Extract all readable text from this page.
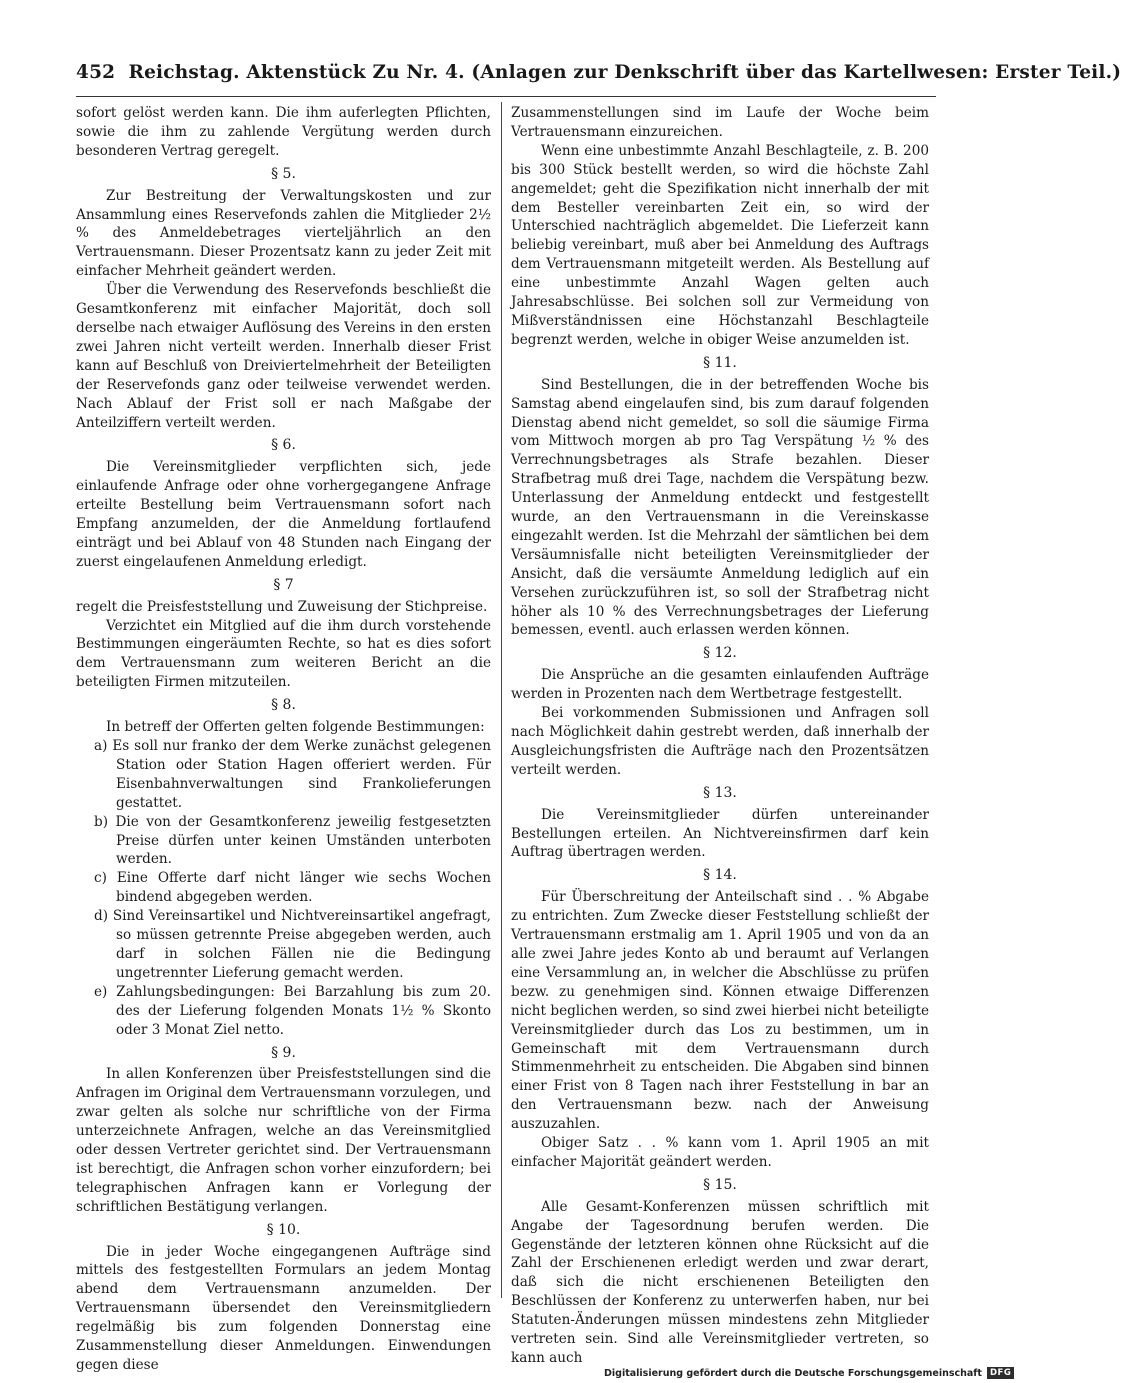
452 Reichstag. Aktenstück Zu Nr. 4. (Anlagen zur Denkschrift über das Kartellwesen: Erster Teil.)

sofort gelöst werden kann. Die ihm auferlegten Pflichten, sowie die ihm zu zahlende Vergütung werden durch besonderen Vertrag geregelt.

§ 5.

Zur Bestreitung der Verwaltungskosten und zur Ansammlung eines Reservefonds zahlen die Mitglieder 2½ % des Anmeldebetrages vierteljährlich an den Vertrauensmann. Dieser Prozentsatz kann zu jeder Zeit mit einfacher Mehrheit geändert werden.

Über die Verwendung des Reservefonds beschließt die Gesamtkonferenz mit einfacher Majorität, doch soll derselbe nach etwaiger Auflösung des Vereins in den ersten zwei Jahren nicht verteilt werden. Innerhalb dieser Frist kann auf Beschluß von Dreiviertelmehrheit der Beteiligten der Reservefonds ganz oder teilweise verwendet werden. Nach Ablauf der Frist soll er nach Maßgabe der Anteilziffern verteilt werden.

§ 6.

Die Vereinsmitglieder verpflichten sich, jede einlaufende Anfrage oder ohne vorhergegangene Anfrage erteilte Bestellung beim Vertrauensmann sofort nach Empfang anzumelden, der die Anmeldung fortlaufend einträgt und bei Ablauf von 48 Stunden nach Eingang der zuerst eingelaufenen Anmeldung erledigt.

§ 7

regelt die Preisfeststellung und Zuweisung der Stichpreise.

Verzichtet ein Mitglied auf die ihm durch vorstehende Bestimmungen eingeräumten Rechte, so hat es dies sofort dem Vertrauensmann zum weiteren Bericht an die beteiligten Firmen mitzuteilen.

§ 8.

In betreff der Offerten gelten folgende Bestimmungen:

a) Es soll nur franko der dem Werke zunächst gelegenen Station oder Station Hagen offeriert werden. Für Eisenbahnverwaltungen sind Frankolieferungen gestattet.

b) Die von der Gesamtkonferenz jeweilig festgesetzten Preise dürfen unter keinen Umständen unterboten werden.

c) Eine Offerte darf nicht länger wie sechs Wochen bindend abgegeben werden.

d) Sind Vereinsartikel und Nichtvereinsartikel angefragt, so müssen getrennte Preise abgegeben werden, auch darf in solchen Fällen nie die Bedingung ungetrennter Lieferung gemacht werden.

e) Zahlungsbedingungen: Bei Barzahlung bis zum 20. des der Lieferung folgenden Monats 1½ % Skonto oder 3 Monat Ziel netto.

§ 9.

In allen Konferenzen über Preisfeststellungen sind die Anfragen im Original dem Vertrauensmann vorzulegen, und zwar gelten als solche nur schriftliche von der Firma unterzeichnete Anfragen, welche an das Vereinsmitglied oder dessen Vertreter gerichtet sind. Der Vertrauensmann ist berechtigt, die Anfragen schon vorher einzufordern; bei telegraphischen Anfragen kann er Vorlegung der schriftlichen Bestätigung verlangen.

§ 10.

Die in jeder Woche eingegangenen Aufträge sind mittels des festgestellten Formulars an jedem Montag abend dem Vertrauensmann anzumelden. Der Vertrauensmann übersendet den Vereinsmitgliedern regelmäßig bis zum folgenden Donnerstag eine Zusammenstellung dieser Anmeldungen. Einwendungen gegen diese

Zusammenstellungen sind im Laufe der Woche beim Vertrauensmann einzureichen.

Wenn eine unbestimmte Anzahl Beschlagteile, z. B. 200 bis 300 Stück bestellt werden, so wird die höchste Zahl angemeldet; geht die Spezifikation nicht innerhalb der mit dem Besteller vereinbarten Zeit ein, so wird der Unterschied nachträglich abgemeldet. Die Lieferzeit kann beliebig vereinbart, muß aber bei Anmeldung des Auftrags dem Vertrauensmann mitgeteilt werden. Als Bestellung auf eine unbestimmte Anzahl Wagen gelten auch Jahresabschlüsse. Bei solchen soll zur Vermeidung von Mißverständnissen eine Höchstanzahl Beschlagteile begrenzt werden, welche in obiger Weise anzumelden ist.

§ 11.

Sind Bestellungen, die in der betreffenden Woche bis Samstag abend eingelaufen sind, bis zum darauf folgenden Dienstag abend nicht gemeldet, so soll die säumige Firma vom Mittwoch morgen ab pro Tag Verspätung ½ % des Verrechnungsbetrages als Strafe bezahlen. Dieser Strafbetrag muß drei Tage, nachdem die Verspätung bezw. Unterlassung der Anmeldung entdeckt und festgestellt wurde, an den Vertrauensmann in die Vereinskasse eingezahlt werden. Ist die Mehrzahl der sämtlichen bei dem Versäumnisfalle nicht beteiligten Vereinsmitglieder der Ansicht, daß die versäumte Anmeldung lediglich auf ein Versehen zurückzuführen ist, so soll der Strafbetrag nicht höher als 10 % des Verrechnungsbetrages der Lieferung bemessen, eventl. auch erlassen werden können.

§ 12.

Die Ansprüche an die gesamten einlaufenden Aufträge werden in Prozenten nach dem Wertbetrage festgestellt.

Bei vorkommenden Submissionen und Anfragen soll nach Möglichkeit dahin gestrebt werden, daß innerhalb der Ausgleichungsfristen die Aufträge nach den Prozentsätzen verteilt werden.

§ 13.

Die Vereinsmitglieder dürfen untereinander Bestellungen erteilen. An Nichtvereinsfirmen darf kein Auftrag übertragen werden.

§ 14.

Für Überschreitung der Anteilschaft sind . . % Abgabe zu entrichten. Zum Zwecke dieser Feststellung schließt der Vertrauensmann erstmalig am 1. April 1905 und von da an alle zwei Jahre jedes Konto ab und beraumt auf Verlangen eine Versammlung an, in welcher die Abschlüsse zu prüfen bezw. zu genehmigen sind. Können etwaige Differenzen nicht beglichen werden, so sind zwei hierbei nicht beteiligte Vereinsmitglieder durch das Los zu bestimmen, um in Gemeinschaft mit dem Vertrauensmann durch Stimmenmehrheit zu entscheiden. Die Abgaben sind binnen einer Frist von 8 Tagen nach ihrer Feststellung in bar an den Vertrauensmann bezw. nach der Anweisung auszuzahlen.

Obiger Satz . . % kann vom 1. April 1905 an mit einfacher Majorität geändert werden.

§ 15.

Alle Gesamt-Konferenzen müssen schriftlich mit Angabe der Tagesordnung berufen werden. Die Gegenstände der letzteren können ohne Rücksicht auf die Zahl der Erschienenen erledigt werden und zwar derart, daß sich die nicht erschienenen Beteiligten den Beschlüssen der Konferenz zu unterwerfen haben, nur bei Statuten-Änderungen müssen mindestens zehn Mitglieder vertreten sein. Sind alle Vereinsmitglieder vertreten, so kann auch

Digitalisierung gefördert durch die Deutsche Forschungsgemeinschaft DFG
